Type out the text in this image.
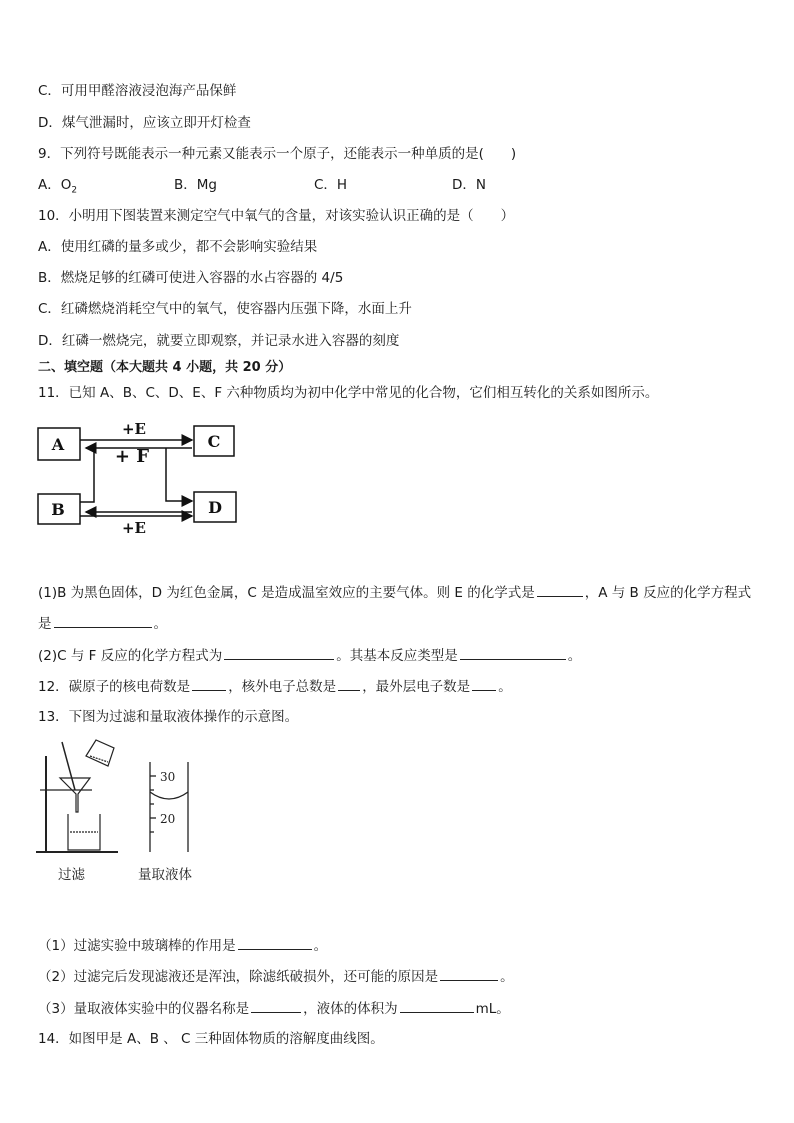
C．可用甲醛溶液浸泡海产品保鲜
D．煤气泄漏时，应该立即开灯检查
9．下列符号既能表示一种元素又能表示一个原子，还能表示一种单质的是(　　)
A．$O_2$	B．Mg	C．H	D．N
10．小明用下图装置来测定空气中氧气的含量，对该实验认识正确的是（　　）
A．使用红磷的量多或少，都不会影响实验结果
B．燃烧足够的红磷可使进入容器的水占容器的 4/5
C．红磷燃烧消耗空气中的氧气，使容器内压强下降，水面上升
D．红磷一燃烧完，就要立即观察，并记录水进入容器的刻度
二、填空题（本大题共 4 小题，共 20 分）
11．已知 A、B、C、D、E、F 六种物质均为初中化学中常见的化合物，它们相互转化的关系如图所示。
A
B
C
D
+E
+ F
+E
(1)B 为黑色固体，D 为红色金属，C 是造成温室效应的主要气体。则 E 的化学式是	，A 与 B 反应的化学方程式
是	。
(2)C 与 F 反应的化学方程式为	。其基本反应类型是	。
12．碳原子的核电荷数是	，核外电子总数是 ，最外层电子数是 。
13．下图为过滤和量取液体操作的示意图。
过滤
30
20
量取液体
（1）过滤实验中玻璃棒的作用是	。
（2）过滤完后发现滤液还是浑浊，除滤纸破损外，还可能的原因是	。
（3）量取液体实验中的仪器名称是	，液体的体积为	mL。
14．如图甲是 A、B 、 C 三种固体物质的溶解度曲线图。
